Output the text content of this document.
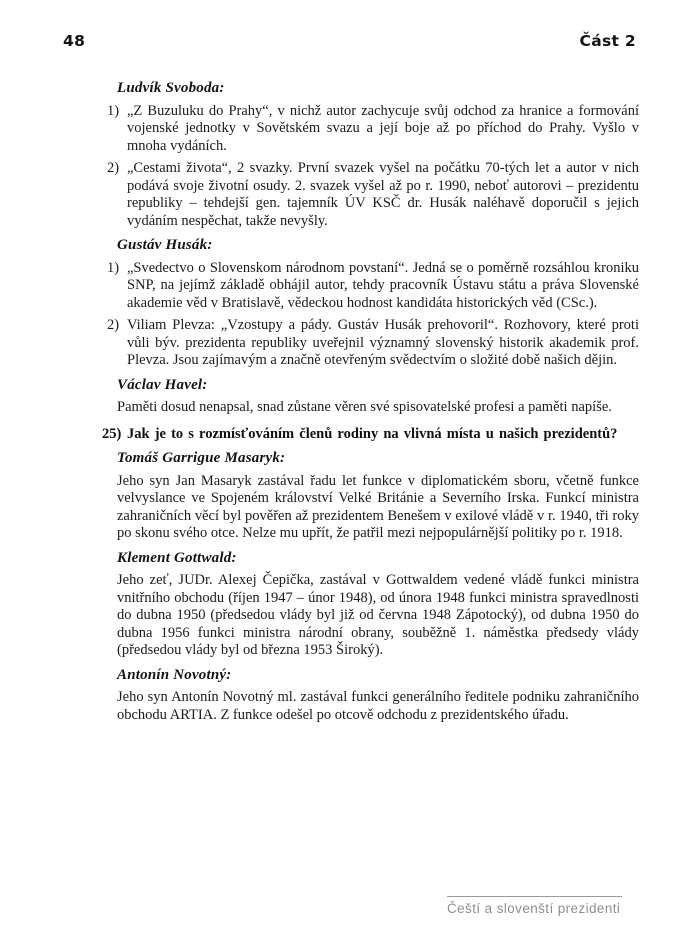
48	Část 2
Ludvík Svoboda:
1) „Z Buzuluku do Prahy“, v nichž autor zachycuje svůj odchod za hranice a formování vojenské jednotky v Sovětském svazu a její boje až po příchod do Prahy. Vyšlo v mnoha vydáních.
2) „Cestami života“, 2 svazky. První svazek vyšel na počátku 70-tých let a autor v nich podává svoje životní osudy. 2. svazek vyšel až po r. 1990, neboť autorovi – prezidentu republiky – tehdejší gen. tajemník ÚV KSČ dr. Husák naléhavě doporučil s jejich vydáním nespěchat, takže nevyšly.
Gustáv Husák:
1) „Svedectvo o Slovenskom národnom povstaní“. Jedná se o poměrně rozsáhlou kroniku SNP, na jejímž základě obhájil autor, tehdy pracovník Ústavu státu a práva Slovenské akademie věd v Bratislavě, vědeckou hodnost kandidáta historických věd (CSc.).
2) Viliam Plevza: „Vzostupy a pády. Gustáv Husák prehovoril“. Rozhovory, které proti vůli býv. prezidenta republiky uveřejnil významný slovenský historik akademik prof. Plevza. Jsou zajímavým a značně otevřeným svědectvím o složité době našich dějin.
Václav Havel:

Paměti dosud nenapsal, snad zůstane věren své spisovatelské profesi a paměti napíše.

25) Jak je to s rozmísťováním členů rodiny na vlivná místa u našich prezidentů?
Tomáš Garrigue Masaryk:

Jeho syn Jan Masaryk zastával řadu let funkce v diplomatickém sboru, včetně funkce velvyslance ve Spojeném království Velké Británie a Severního Irska. Funkcí ministra zahraničních věcí byl pověřen až prezidentem Benešem v exilové vládě v r. 1940, tři roky po skonu svého otce. Nelze mu upřít, že patřil mezi nejpopulárnější politiky po r. 1918.

Klement Gottwald:

Jeho zeť, JUDr. Alexej Čepička, zastával v Gottwaldem vedené vládě funkci ministra vnitřního obchodu (říjen 1947 – únor 1948), od února 1948 funkci ministra spravedlnosti do dubna 1950 (předsedou vlády byl již od června 1948 Zápotocký), od dubna 1950 do dubna 1956 funkci ministra národní obrany, souběžně 1. náměstka předsedy vlády (předsedou vlády byl od března 1953 Široký).

Antonín Novotný:

Jeho syn Antonín Novotný ml. zastával funkci generálního ředitele podniku zahraničního obchodu ARTIA. Z funkce odešel po otcově odchodu z prezidentského úřadu.

Čeští a slovenští prezidenti
